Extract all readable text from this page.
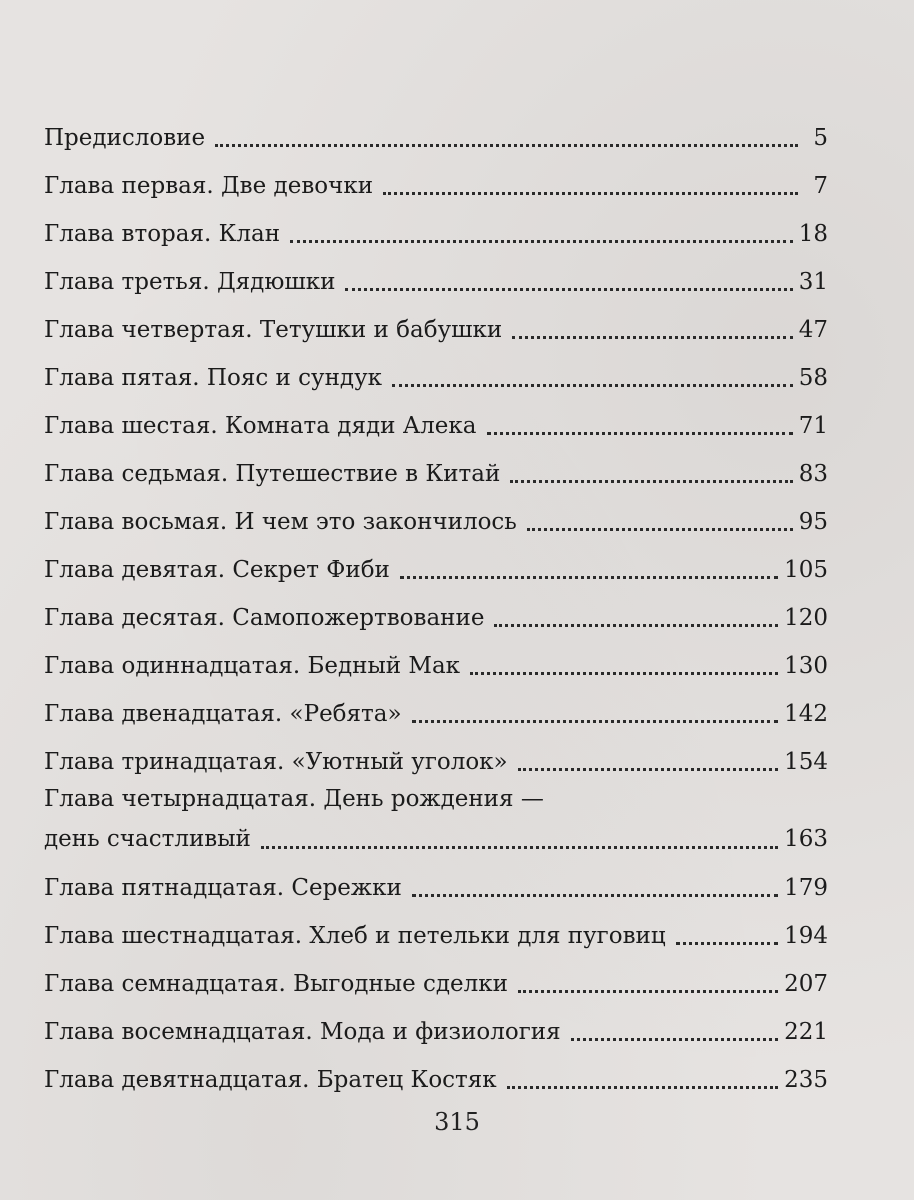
Предисловие	5
Глава первая. Две девочки	7
Глава вторая. Клан	18
Глава третья. Дядюшки	31
Глава четвертая. Тетушки и бабушки	47
Глава пятая. Пояс и сундук	58
Глава шестая. Комната дяди Алека	71
Глава седьмая. Путешествие в Китай	83
Глава восьмая. И чем это закончилось	95
Глава девятая. Секрет Фиби	105
Глава десятая. Самопожертвование	120
Глава одиннадцатая. Бедный Мак	130
Глава двенадцатая. «Ребята»	142
Глава тринадцатая. «Уютный уголок»	154
Глава четырнадцатая. День рождения —
день счастливый	163
Глава пятнадцатая. Сережки	179
Глава шестнадцатая. Хлеб и петельки для пуговиц	194
Глава семнадцатая. Выгодные сделки	207
Глава восемнадцатая. Мода и физиология	221
Глава девятнадцатая. Братец Костяк	235
315
